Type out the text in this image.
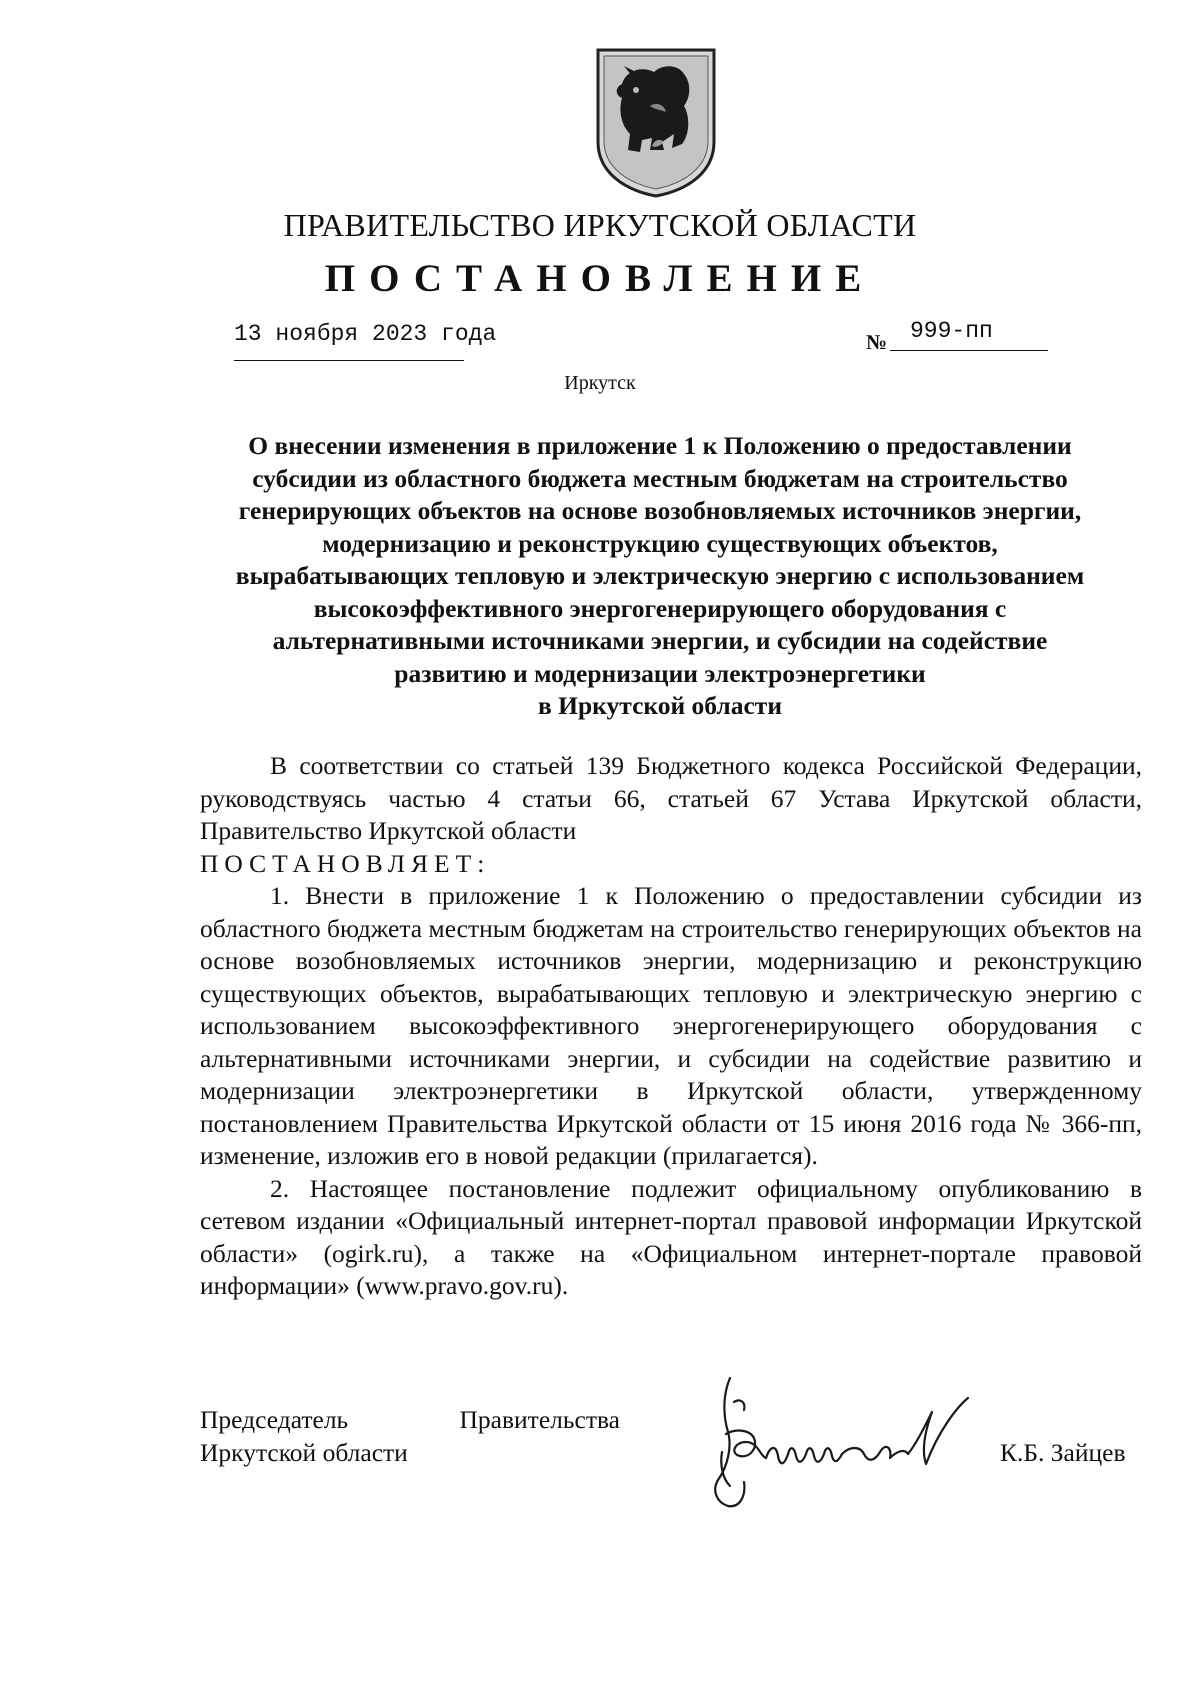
ПРАВИТЕЛЬСТВО ИРКУТСКОЙ ОБЛАСТИ
ПОСТАНОВЛЕНИЕ
13 ноября 2023 года	№ 999-пп
Иркутск
О внесении изменения в приложение 1 к Положению о предоставлении
субсидии из областного бюджета местным бюджетам на строительство
генерирующих объектов на основе возобновляемых источников энергии,
модернизацию и реконструкцию существующих объектов,
вырабатывающих тепловую и электрическую энергию с использованием
высокоэффективного энергогенерирующего оборудования с
альтернативными источниками энергии, и субсидии на содействие
развитию и модернизации электроэнергетики
в Иркутской области

В соответствии со статьей 139 Бюджетного кодекса Российской Федерации, руководствуясь частью 4 статьи 66, статьей 67 Устава Иркутской области, Правительство Иркутской области

ПОСТАНОВЛЯЕТ:

1. Внести в приложение 1 к Положению о предоставлении субсидии из областного бюджета местным бюджетам на строительство генерирующих объектов на основе возобновляемых источников энергии, модернизацию и реконструкцию существующих объектов, вырабатывающих тепловую и электрическую энергию с использованием высокоэффективного энергогенерирующего оборудования с альтернативными источниками энергии, и субсидии на содействие развитию и модернизации электроэнергетики в Иркутской области, утвержденному постановлением Правительства Иркутской области от 15 июня 2016 года № 366-пп, изменение, изложив его в новой редакции (прилагается).

2. Настоящее постановление подлежит официальному опубликованию в сетевом издании «Официальный интернет-портал правовой информации Иркутской области» (ogirk.ru), а также на «Официальном интернет-портале правовой информации» (www.pravo.gov.ru).

Председатель	Правительства
Иркутской области	К.Б. Зайцев
